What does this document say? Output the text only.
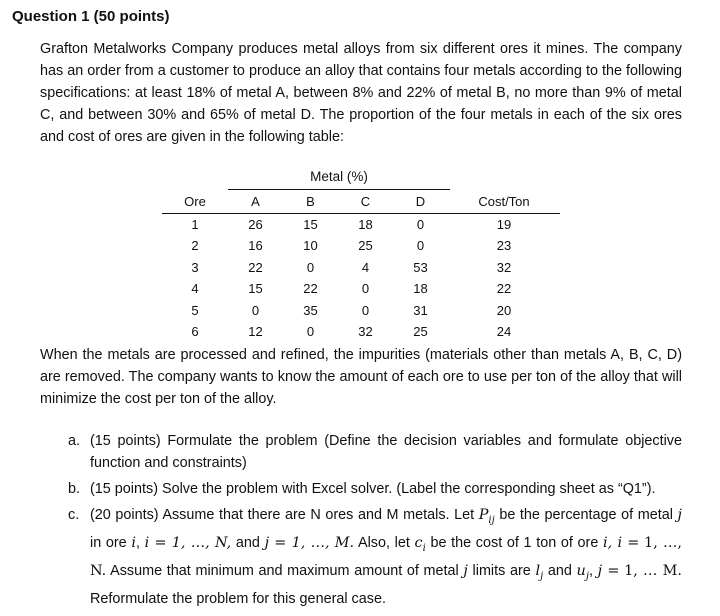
Question 1 (50 points)

Grafton Metalworks Company produces metal alloys from six different ores it mines. The company has an order from a customer to produce an alloy that contains four metals according to the following specifications: at least 18% of metal A, between 8% and 22% of metal B, no more than 9% of metal C, and between 30% and 65% of metal D. The proportion of the four metals in each of the six ores and cost of ores are given in the following table:

Metal (%)
Ore	A	B	C	D	Cost/Ton
1	26	15	18	0	19
2	16	10	25	0	23
3	22	0	4	53	32
4	15	22	0	18	22
5	0	35	0	31	20
6	12	0	32	25	24

When the metals are processed and refined, the impurities (materials other than metals A, B, C, D) are removed. The company wants to know the amount of each ore to use per ton of the alloy that will minimize the cost per ton of the alloy.

a. (15 points) Formulate the problem (Define the decision variables and formulate objective function and constraints)
b. (15 points) Solve the problem with Excel solver. (Label the corresponding sheet as “Q1”).
c. (20 points) Assume that there are N ores and M metals. Let $P_{ij}$ be the percentage of metal j in ore i, i = 1, …, N, and j = 1, …, M. Also, let $c_i$ be the cost of 1 ton of ore i, i = 1, …, N. Assume that minimum and maximum amount of metal j limits are $l_j$ and $u_j$, j = 1, … M. Reformulate the problem for this general case.
